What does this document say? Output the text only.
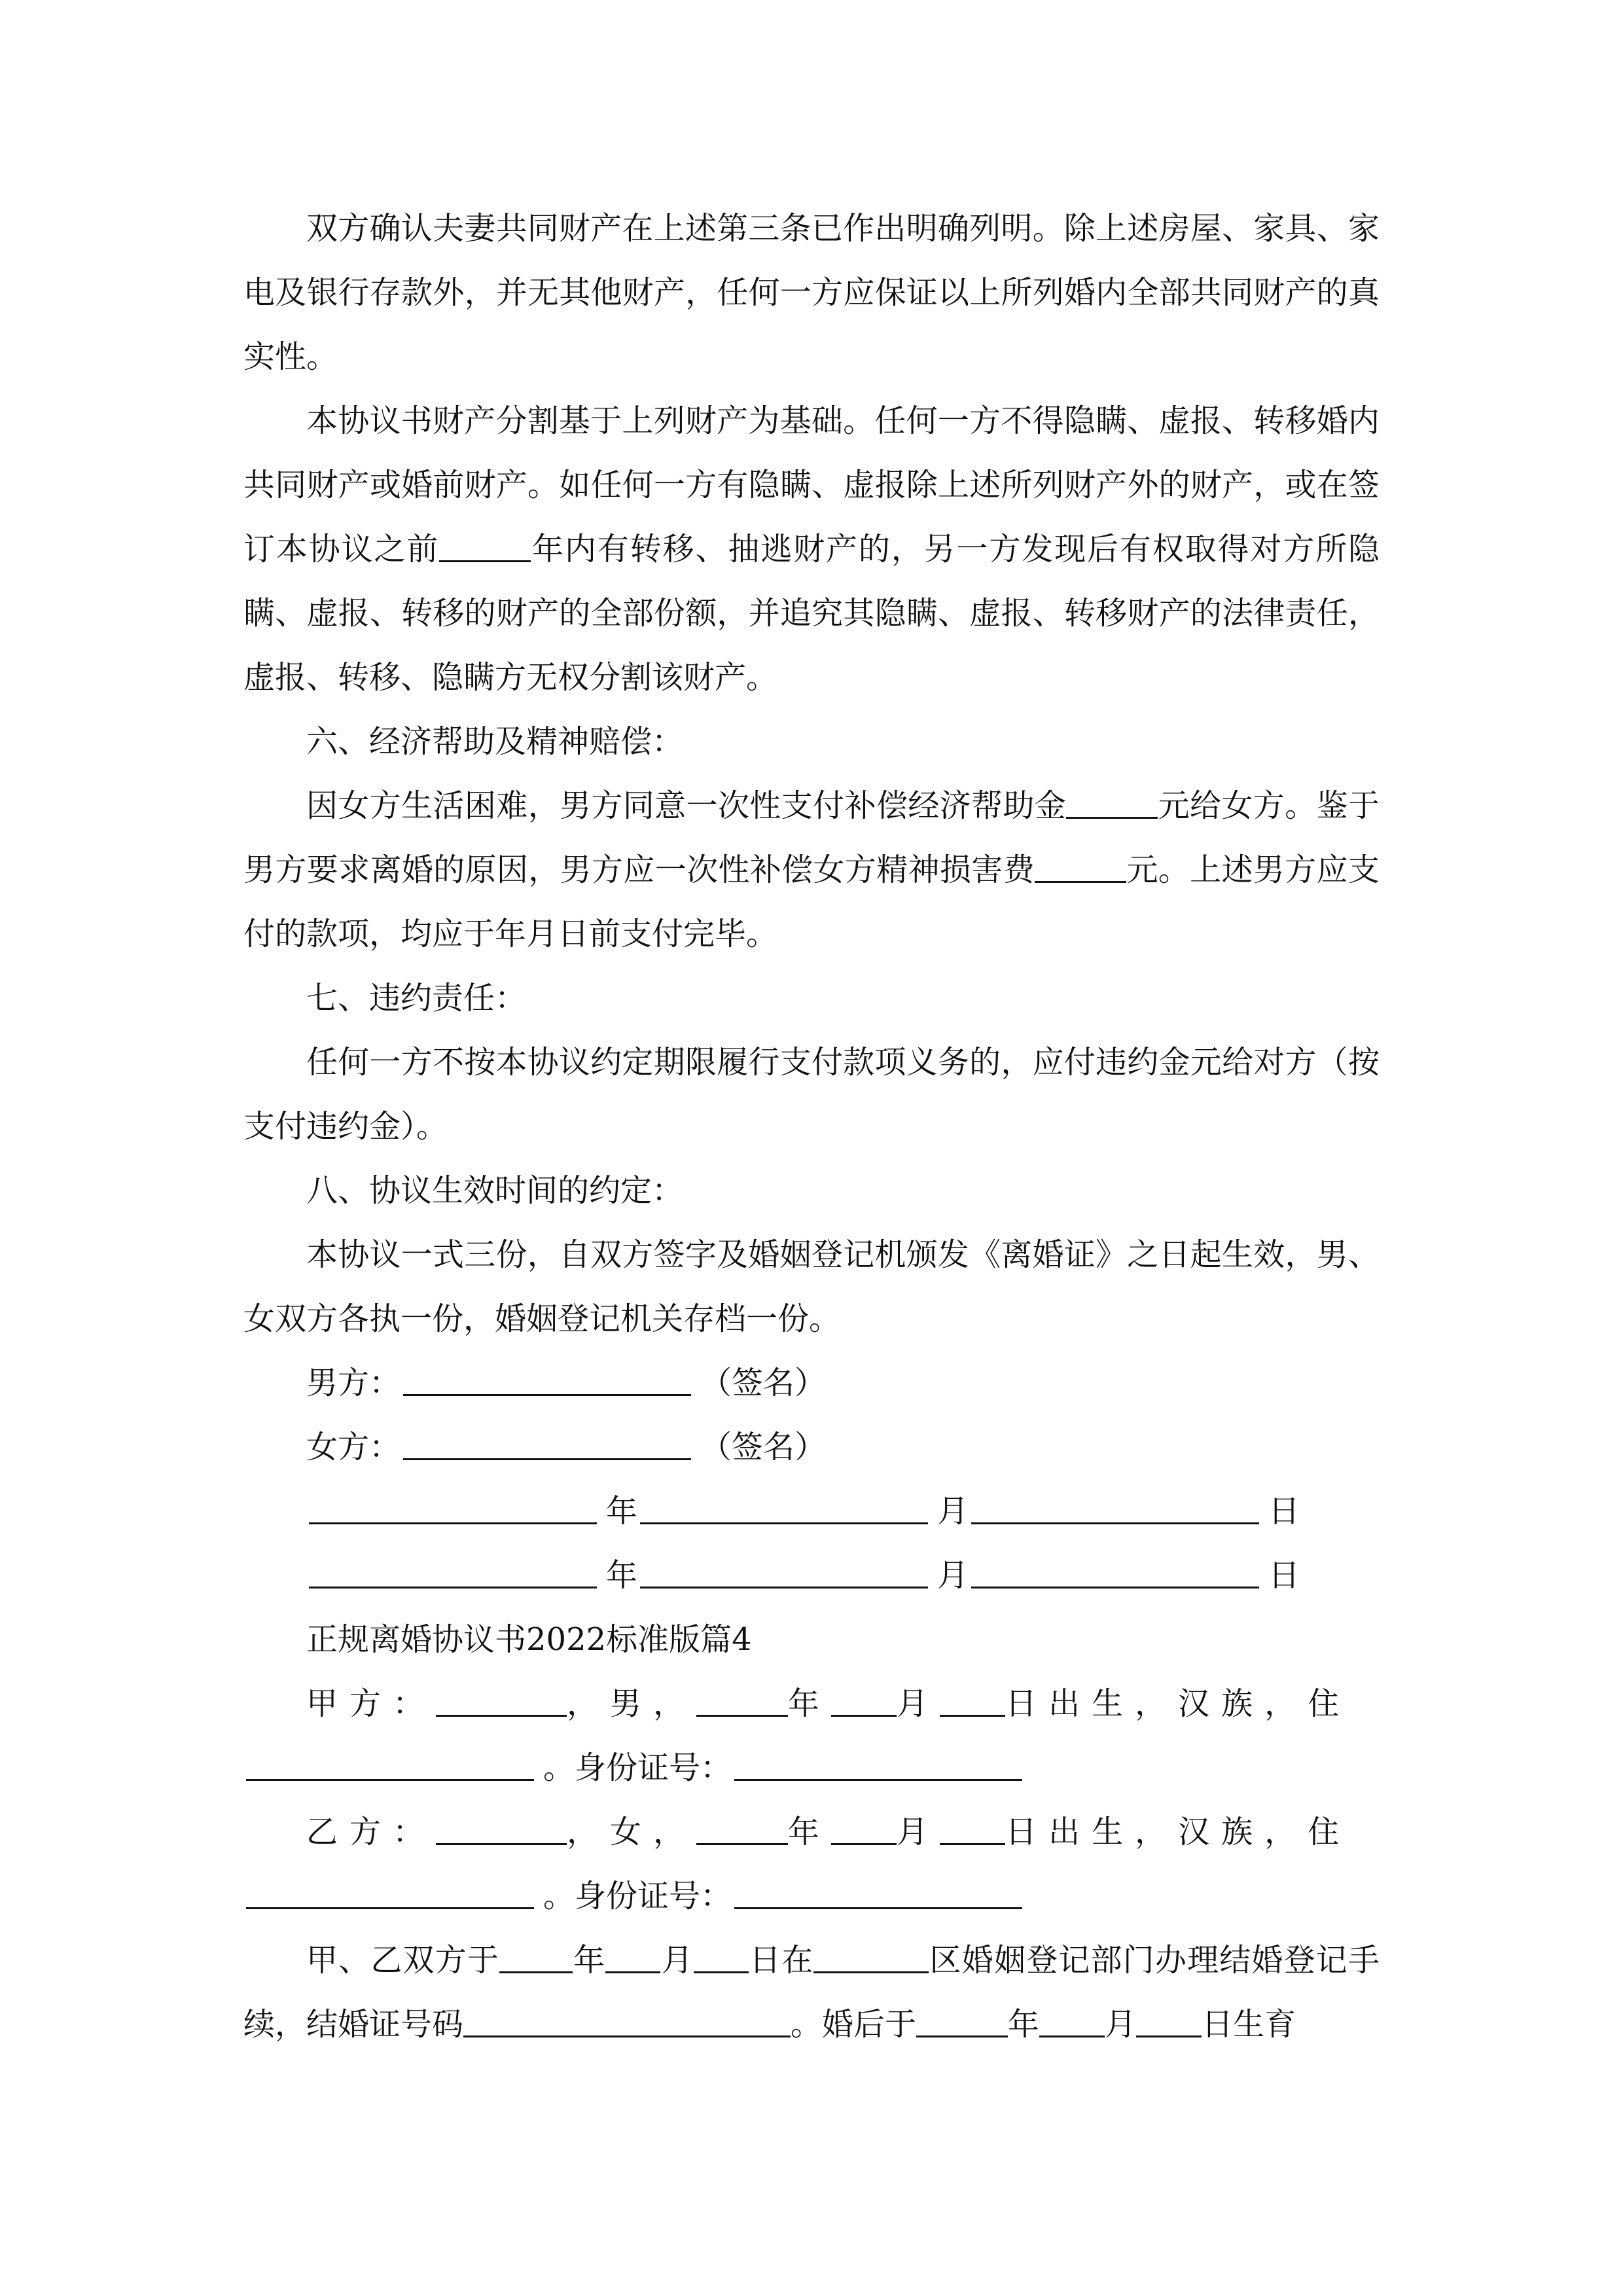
双方确认夫妻共同财产在上述第三条已作出明确列明。除上述房屋、家具、家电及银行存款外，并无其他财产，任何一方应保证以上所列婚内全部共同财产的真实性。

本协议书财产分割基于上列财产为基础。任何一方不得隐瞒、虚报、转移婚内共同财产或婚前财产。如任何一方有隐瞒、虚报除上述所列财产外的财产，或在签订本协议之前	年内有转移、抽逃财产的，另一方发现后有权取得对方所隐瞒、虚报、转移的财产的全部份额，并追究其隐瞒、虚报、转移财产的法律责任，虚报、转移、隐瞒方无权分割该财产。

六、经济帮助及精神赔偿：

因女方生活困难，男方同意一次性支付补偿经济帮助金	元给女方。鉴于男方要求离婚的原因，男方应一次性补偿女方精神损害费	元。上述男方应支付的款项，均应于年月日前支付完毕。

七、违约责任：

任何一方不按本协议约定期限履行支付款项义务的，应付违约金元给对方（按支付违约金）。

八、协议生效时间的约定：

本协议一式三份，自双方签字及婚姻登记机颁发《离婚证》之日起生效，男、女双方各执一份，婚姻登记机关存档一份。

男方：	（签名）

女方：	（签名）

年	月	日

年	月	日

正规离婚协议书2022标准版篇4

甲方：	，男，	年 月 日出生，汉族，住

。身份证号：

乙方：	，女，	年 月 日出生，汉族，住

。身份证号：

甲、乙双方于 年 月 日在	区婚姻登记部门办理结婚登记手续，结婚证号码	。婚后于	年 月 日生育
